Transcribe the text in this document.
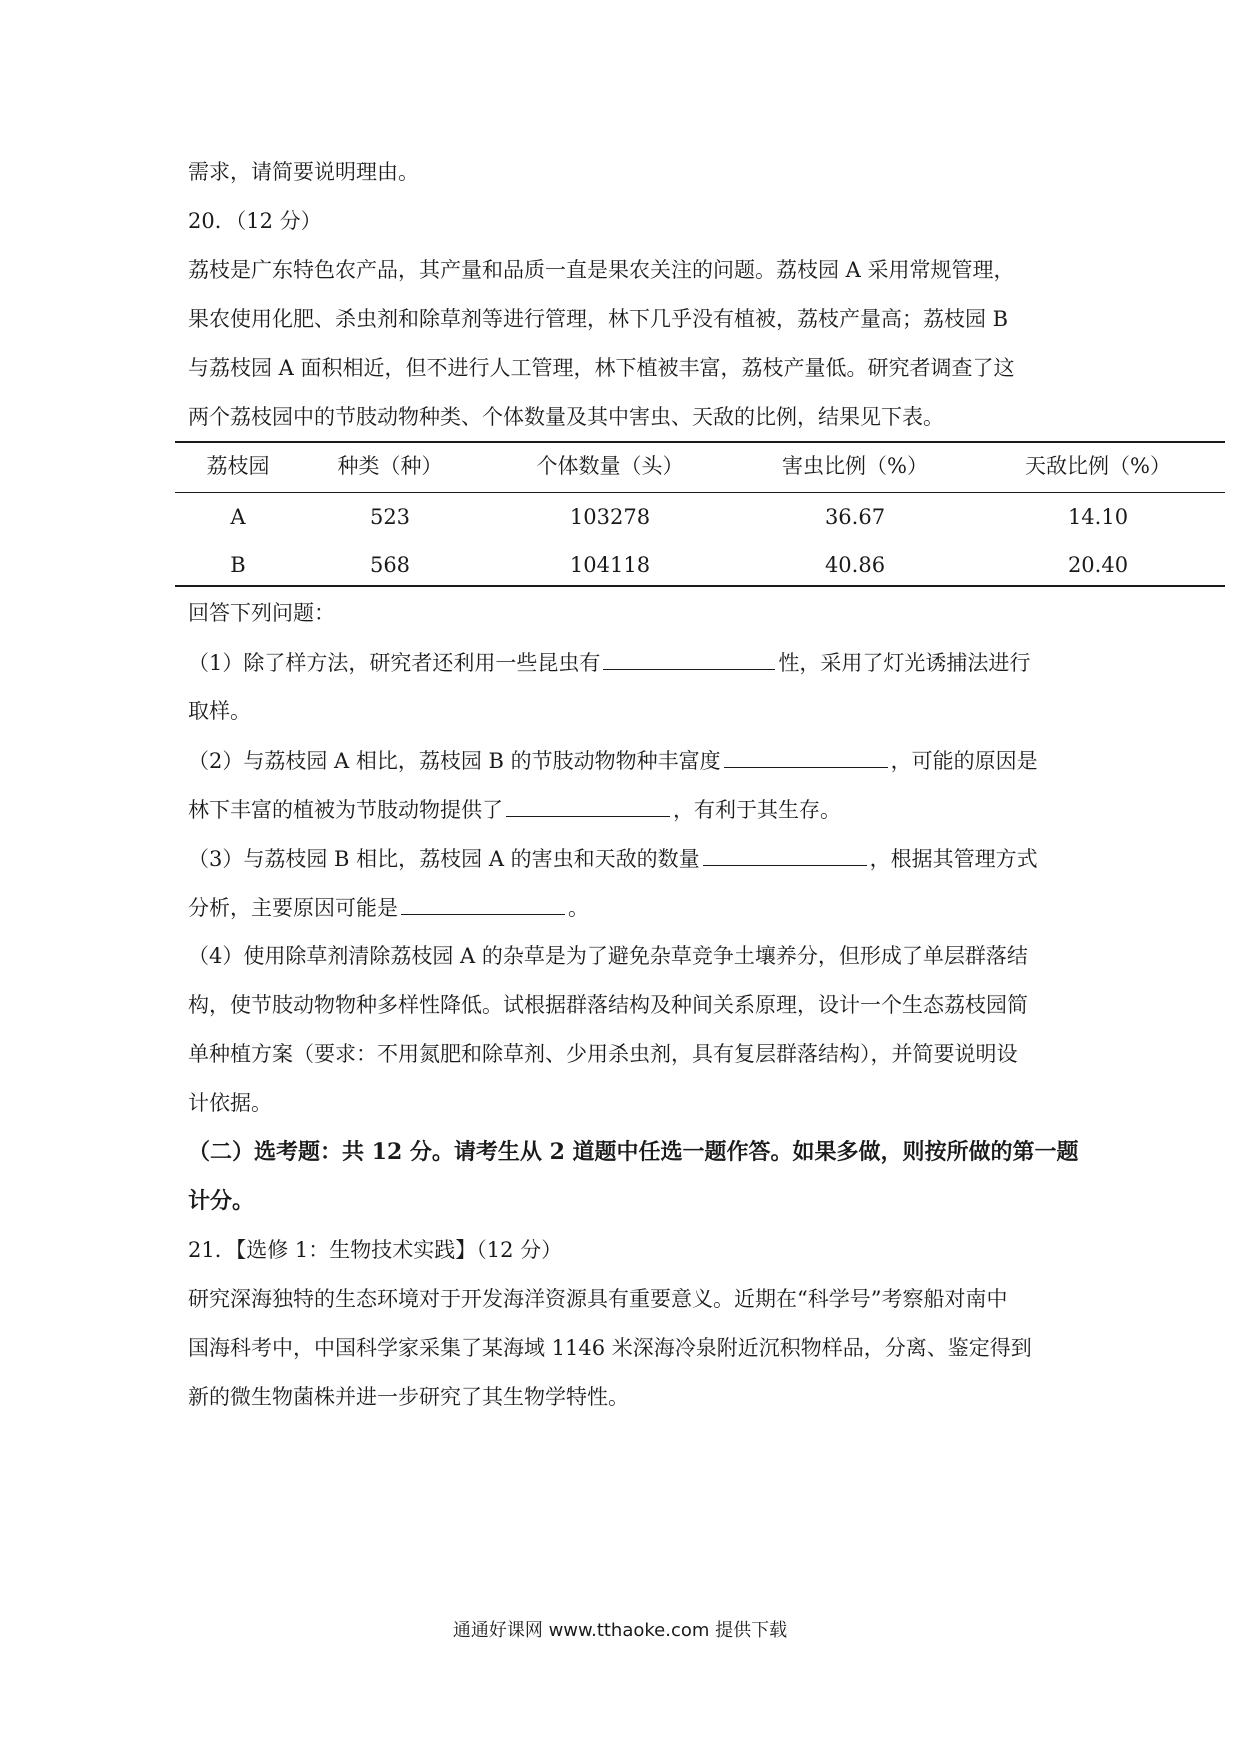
需求，请简要说明理由。
20．（12 分）
荔枝是广东特色农产品，其产量和品质一直是果农关注的问题。荔枝园 A 采用常规管理，
果农使用化肥、杀虫剂和除草剂等进行管理，林下几乎没有植被，荔枝产量高；荔枝园 B
与荔枝园 A 面积相近，但不进行人工管理，林下植被丰富，荔枝产量低。研究者调查了这
两个荔枝园中的节肢动物种类、个体数量及其中害虫、天敌的比例，结果见下表。
荔枝园	种类（种）	个体数量（头）	害虫比例（%）	天敌比例（%）
A	523	103278	36.67	14.10
B	568	104118	40.86	20.40
回答下列问题：
（1）除了样方法，研究者还利用一些昆虫有	性，采用了灯光诱捕法进行
取样。
（2）与荔枝园 A 相比，荔枝园 B 的节肢动物物种丰富度	，可能的原因是
林下丰富的植被为节肢动物提供了	，有利于其生存。
（3）与荔枝园 B 相比，荔枝园 A 的害虫和天敌的数量	，根据其管理方式
分析，主要原因可能是	。
（4）使用除草剂清除荔枝园 A 的杂草是为了避免杂草竞争土壤养分，但形成了单层群落结
构，使节肢动物物种多样性降低。试根据群落结构及种间关系原理，设计一个生态荔枝园简
单种植方案（要求：不用氮肥和除草剂、少用杀虫剂，具有复层群落结构），并简要说明设
计依据。
（二）选考题：共 12 分。请考生从 2 道题中任选一题作答。如果多做，则按所做的第一题
计分。
21．【选修 1：生物技术实践】（12 分）
研究深海独特的生态环境对于开发海洋资源具有重要意义。近期在“科学号”考察船对南中
国海科考中，中国科学家采集了某海域 1146 米深海冷泉附近沉积物样品，分离、鉴定得到
新的微生物菌株并进一步研究了其生物学特性。
通通好课网 www.tthaoke.com 提供下载
